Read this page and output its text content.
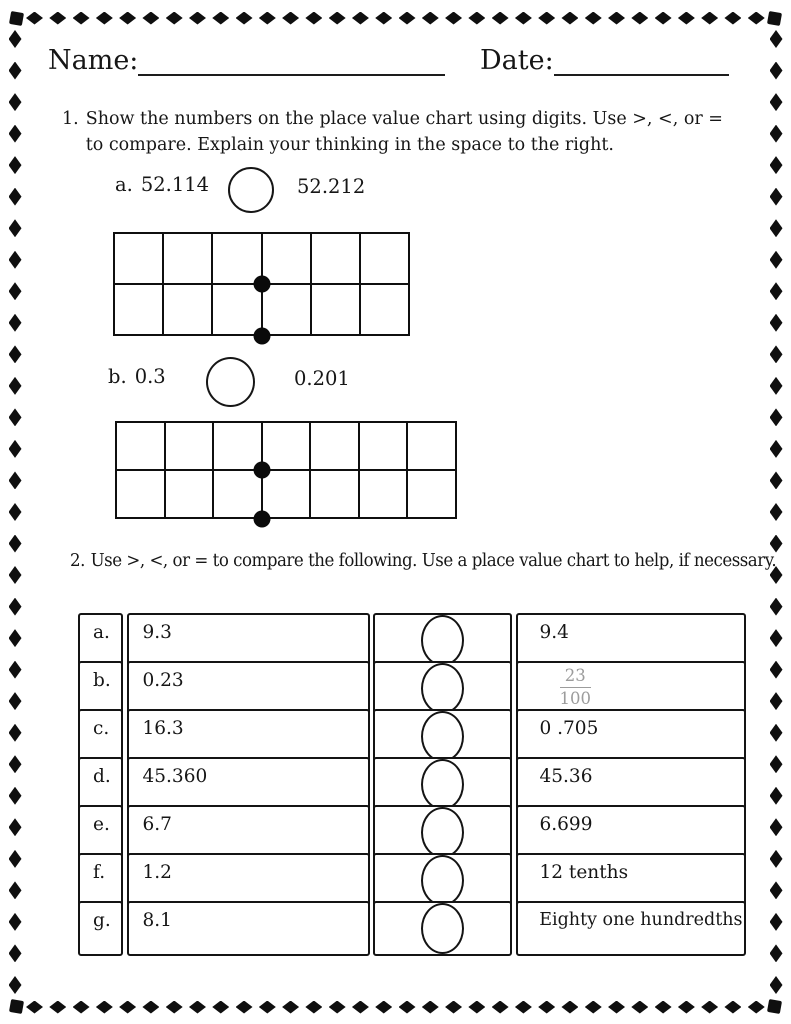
Name:	Date:
1. Show the numbers on the place value chart using digits. Use >, <, or = to compare. Explain your thinking in the space to the right.
a. 52.114	52.212
b. 0.3	0.201
2. Use >, <, or = to compare the following. Use a place value chart to help, if necessary.
a.	9.3	9.4
b.	0.23	$\frac{23}{100}$
c.	16.3	0 .705
d.	45.360	45.36
e.	6.7	6.699
f.	1.2	12 tenths
g.	8.1	Eighty one hundredths
